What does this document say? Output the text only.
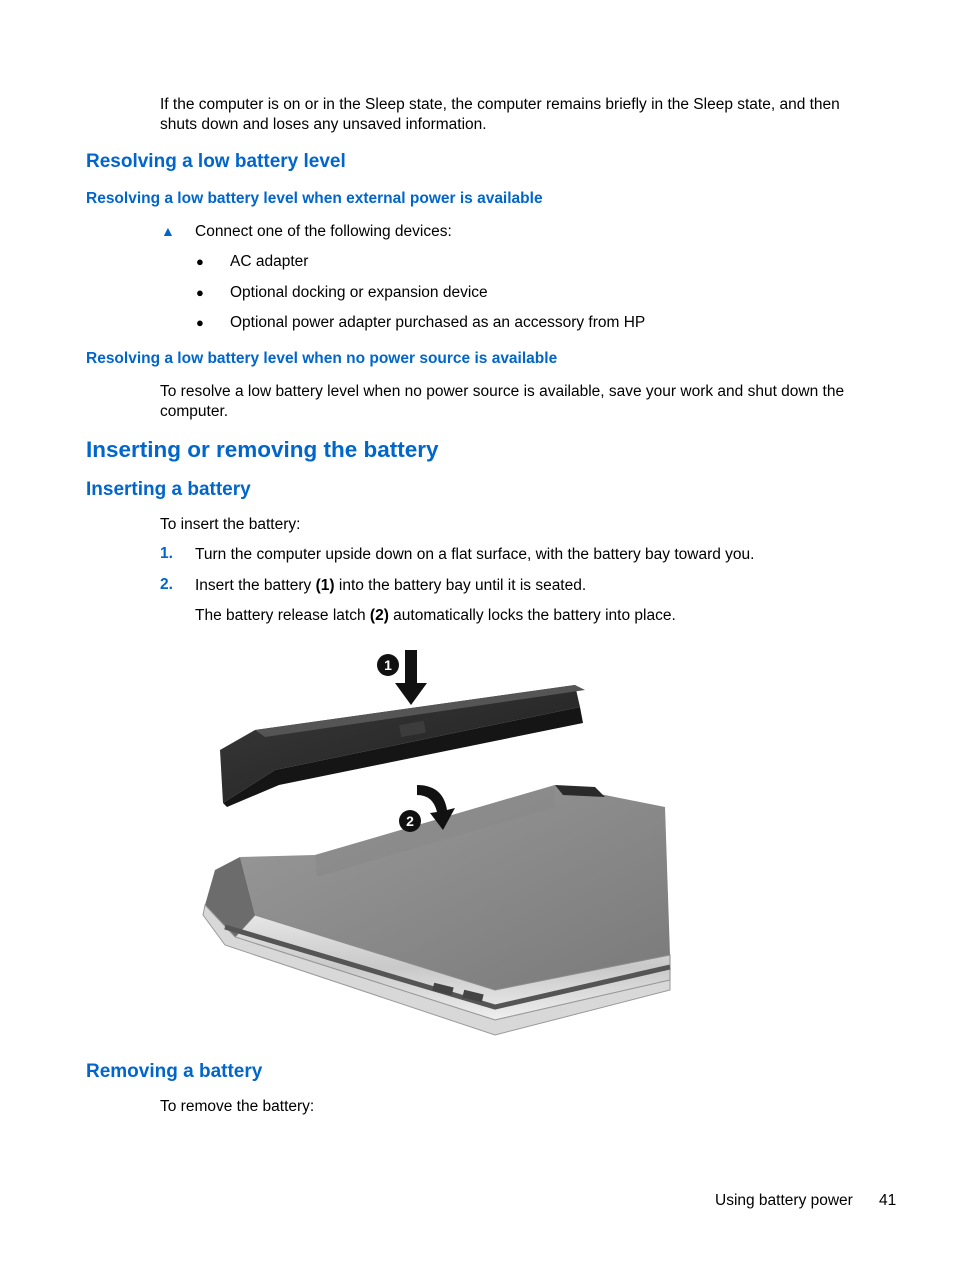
If the computer is on or in the Sleep state, the computer remains briefly in the Sleep state, and then shuts down and loses any unsaved information.
Resolving a low battery level
Resolving a low battery level when external power is available
▲ Connect one of the following devices:
● AC adapter
● Optional docking or expansion device
● Optional power adapter purchased as an accessory from HP
Resolving a low battery level when no power source is available
To resolve a low battery level when no power source is available, save your work and shut down the computer.
Inserting or removing the battery
Inserting a battery
To insert the battery:
1. Turn the computer upside down on a flat surface, with the battery bay toward you.
2. Insert the battery (1) into the battery bay until it is seated.
The battery release latch (2) automatically locks the battery into place.
1
2
Removing a battery
To remove the battery:
Using battery power 41
